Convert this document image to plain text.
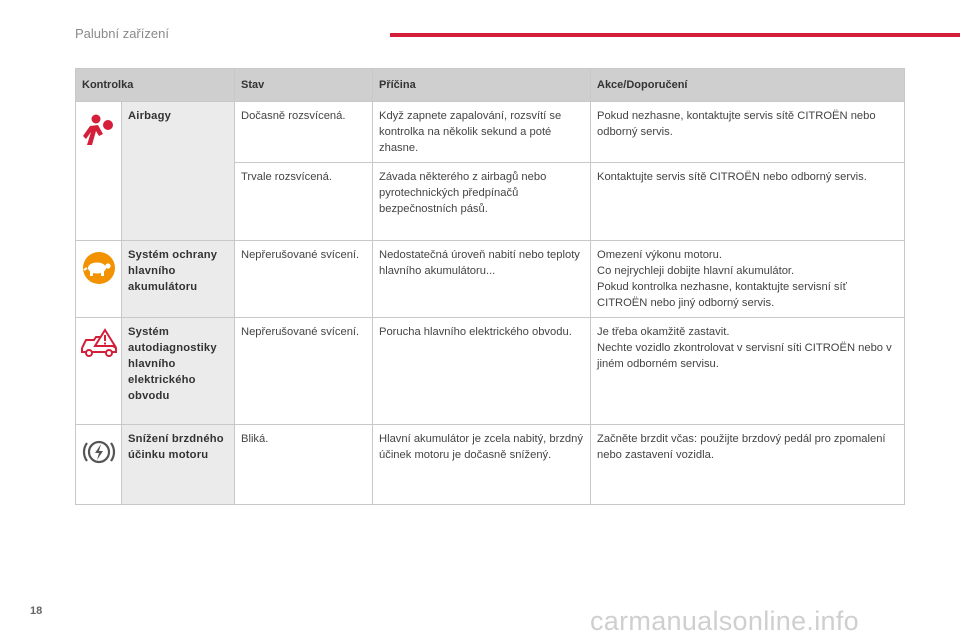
Palubní zařízení
Kontrolka		Stav	Příčina	Akce/Doporučení
	Airbagy	Dočasně rozsvícená.	Když zapnete zapalování, rozsvítí se kontrolka na několik sekund a poté zhasne.	Pokud nezhasne, kontaktujte servis sítě CITROËN nebo odborný servis.
		Trvale rozsvícená.	Závada některého z airbagů nebo pyrotechnických předpínačů bezpečnostních pásů.	Kontaktujte servis sítě CITROËN nebo odborný servis.
	Systém ochrany hlavního akumulátoru	Nepřerušované svícení.	Nedostatečná úroveň nabití nebo teploty hlavního akumulátoru...	Omezení výkonu motoru.

Co nejrychleji dobijte hlavní akumulátor.

Pokud kontrolka nezhasne, kontaktujte servisní síť CITROËN nebo jiný odborný servis.

	Systém autodiagnostiky hlavního elektrického obvodu	Nepřerušované svícení.	Porucha hlavního elektrického obvodu.	Je třeba okamžitě zastavit.

Nechte vozidlo zkontrolovat v servisní síti CITROËN nebo v jiném odborném servisu.

	Snížení brzdného účinku motoru	Bliká.	Hlavní akumulátor je zcela nabitý, brzdný účinek motoru je dočasně snížený.	Začněte brzdit včas: použijte brzdový pedál pro zpomalení nebo zastavení vozidla.
18	carmanualsonline.info
